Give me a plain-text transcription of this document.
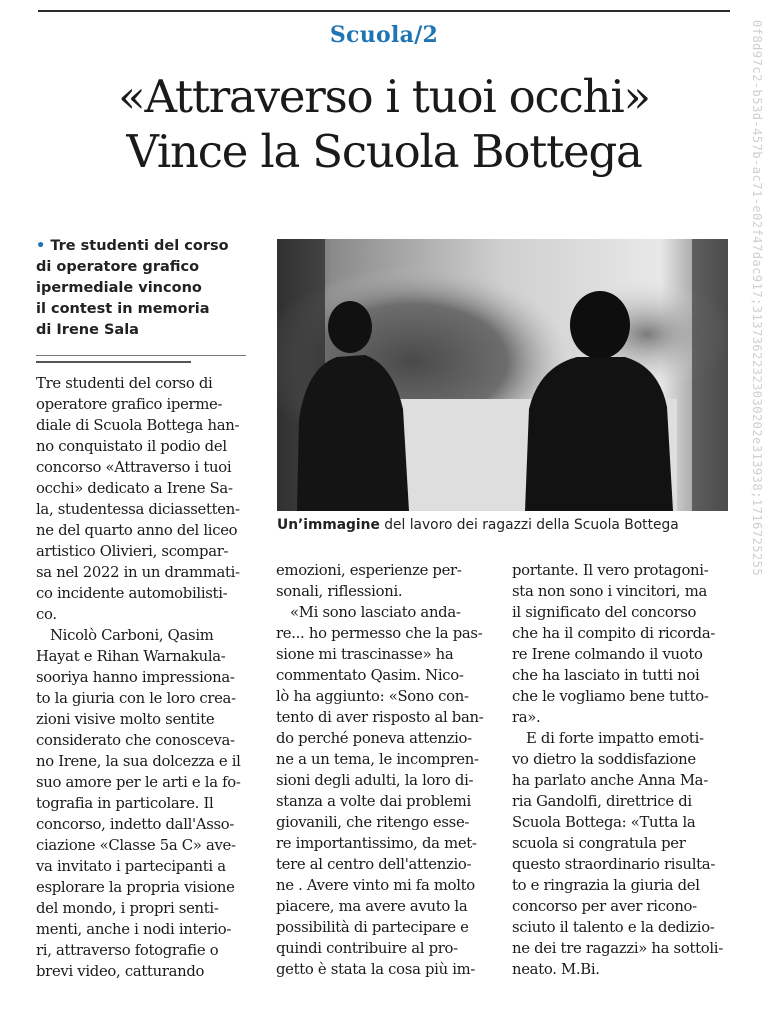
Scuola/2
«Attraverso i tuoi occhi»
Vince la Scuola Bottega	0f8d97c2-b53d-457b-ac71-e02f47dac917;31373622323030202e313938;1716725255
• Tre studenti del corso
di operatore grafico
ipermediale vincono
il contest in memoria
di Irene Sala
Un’immagine del lavoro dei ragazzi della Scuola Bottega
Tre studenti del corso di
operatore grafico iperme-
diale di Scuola Bottega han-
no conquistato il podio del
concorso «Attraverso i tuoi
occhi» dedicato a Irene Sa-
la, studentessa diciassetten-
ne del quarto anno del liceo
artistico Olivieri, scompar-
sa nel 2022 in un drammati-
co incidente automobilisti-
co.
Nicolò Carboni, Qasim
Hayat e Rihan Warnakula-
sooriya hanno impressiona-
to la giuria con le loro crea-
zioni visive molto sentite
considerato che conosceva-
no Irene, la sua dolcezza e il
suo amore per le arti e la fo-
tografia in particolare. Il
concorso, indetto dall'Asso-
ciazione «Classe 5a C» ave-
va invitato i partecipanti a
esplorare la propria visione
del mondo, i propri senti-
menti, anche i nodi interio-
ri, attraverso fotografie o
brevi video, catturando
emozioni, esperienze per-
sonali, riflessioni.
«Mi sono lasciato anda-
re... ho permesso che la pas-
sione mi trascinasse» ha
commentato Qasim. Nico-
lò ha aggiunto: «Sono con-
tento di aver risposto al ban-
do perché poneva attenzio-
ne a un tema, le incompren-
sioni degli adulti, la loro di-
stanza a volte dai problemi
giovanili, che ritengo esse-
re importantissimo, da met-
tere al centro dell'attenzio-
ne . Avere vinto mi fa molto
piacere, ma avere avuto la
possibilità di partecipare e
quindi contribuire al pro-
getto è stata la cosa più im-
portante. Il vero protagoni-
sta non sono i vincitori, ma
il significato del concorso
che ha il compito di ricorda-
re Irene colmando il vuoto
che ha lasciato in tutti noi
che le vogliamo bene tutto-
ra».
E di forte impatto emoti-
vo dietro la soddisfazione
ha parlato anche Anna Ma-
ria Gandolfi, direttrice di
Scuola Bottega: «Tutta la
scuola si congratula per
questo straordinario risulta-
to e ringrazia la giuria del
concorso per aver ricono-
sciuto il talento e la dedizio-
ne dei tre ragazzi» ha sottoli-
neato. M.Bi.
